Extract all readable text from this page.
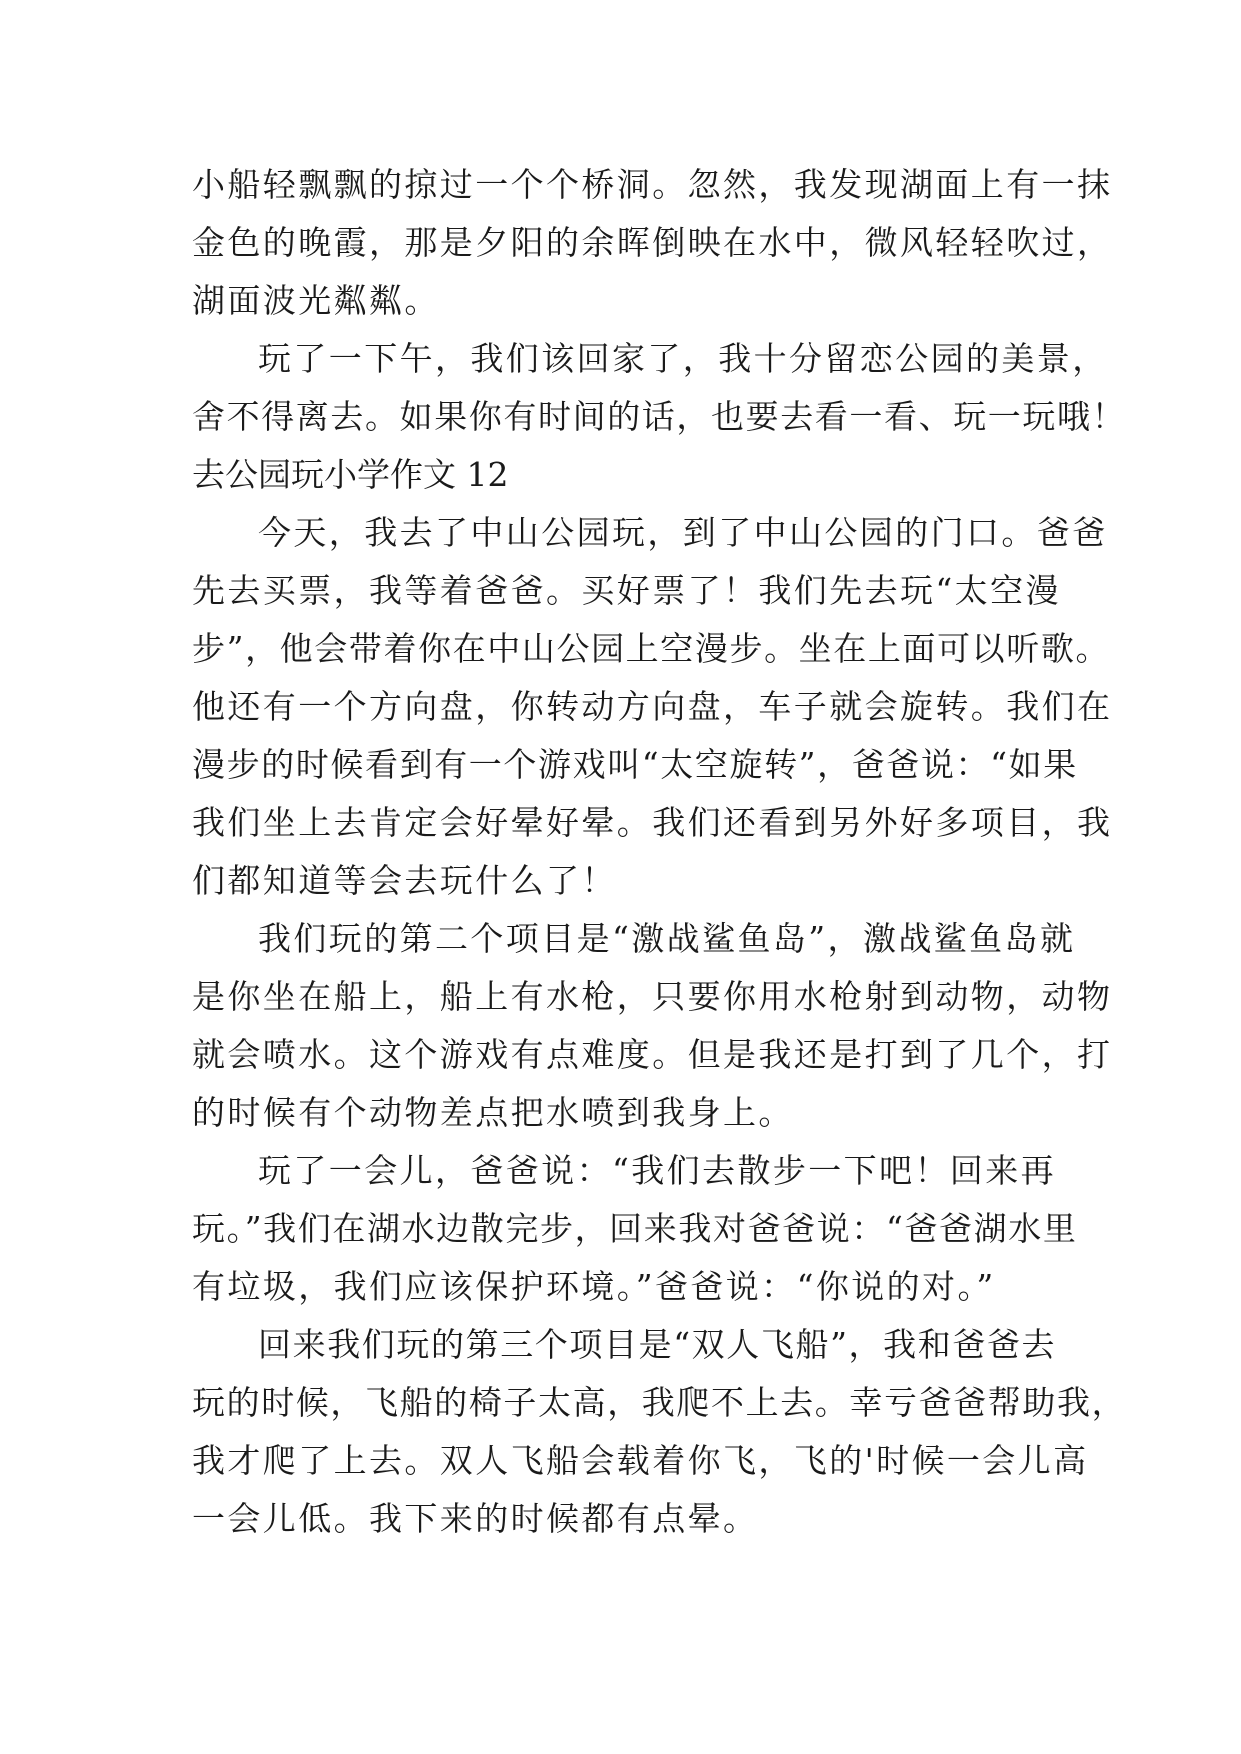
小船轻飘飘的掠过一个个桥洞。忽然，我发现湖面上有一抹
金色的晚霞，那是夕阳的余晖倒映在水中，微风轻轻吹过，
湖面波光粼粼。
玩了一下午，我们该回家了，我十分留恋公园的美景，
舍不得离去。如果你有时间的话，也要去看一看、玩一玩哦！
去公园玩小学作文 12
今天，我去了中山公园玩，到了中山公园的门口。爸爸
先去买票，我等着爸爸。买好票了！我们先去玩“太空漫
步”，他会带着你在中山公园上空漫步。坐在上面可以听歌。
他还有一个方向盘，你转动方向盘，车子就会旋转。我们在
漫步的时候看到有一个游戏叫“太空旋转”，爸爸说：“如果
我们坐上去肯定会好晕好晕。我们还看到另外好多项目，我
们都知道等会去玩什么了！
我们玩的第二个项目是“激战鲨鱼岛”，激战鲨鱼岛就
是你坐在船上，船上有水枪，只要你用水枪射到动物，动物
就会喷水。这个游戏有点难度。但是我还是打到了几个，打
的时候有个动物差点把水喷到我身上。
玩了一会儿，爸爸说：“我们去散步一下吧！回来再
玩。”我们在湖水边散完步，回来我对爸爸说：“爸爸湖水里
有垃圾，我们应该保护环境。”爸爸说：“你说的对。”
回来我们玩的第三个项目是“双人飞船”，我和爸爸去
玩的时候，飞船的椅子太高，我爬不上去。幸亏爸爸帮助我，
我才爬了上去。双人飞船会载着你飞，飞的'时候一会儿高
一会儿低。我下来的时候都有点晕。
